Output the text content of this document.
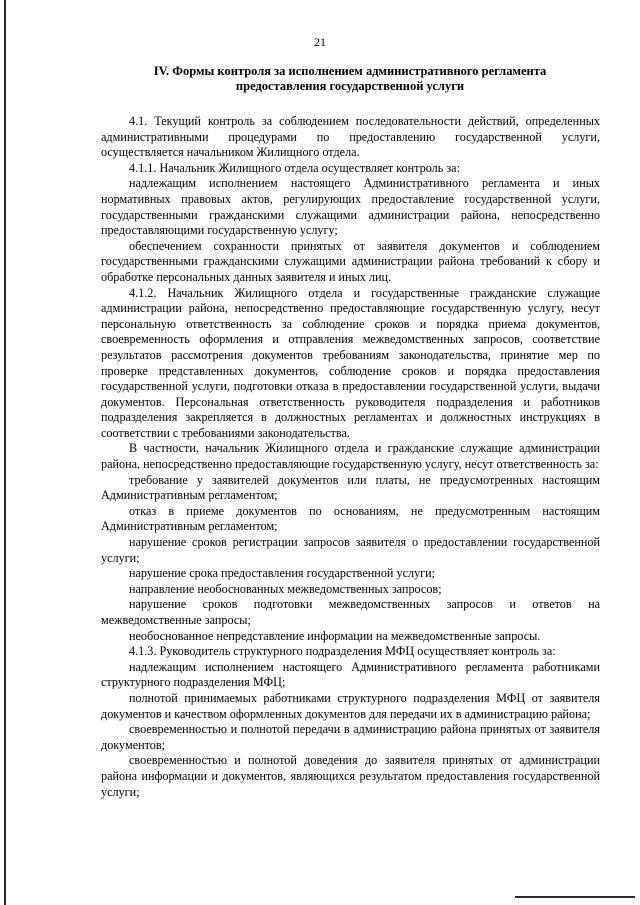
21
IV. Формы контроля за исполнением административного регламента
предоставления государственной услуги

4.1. Текущий контроль за соблюдением последовательности действий, определенных административными процедурами по предоставлению государственной услуги, осуществляется начальником Жилищного отдела.

4.1.1. Начальник Жилищного отдела осуществляет контроль за:

надлежащим исполнением настоящего Административного регламента и иных нормативных правовых актов, регулирующих предоставление государственной услуги, государственными гражданскими служащими администрации района, непосредственно предоставляющими государственную услугу;

обеспечением сохранности принятых от заявителя документов и соблюдением государственными гражданскими служащими администрации района требований к сбору и обработке персональных данных заявителя и иных лиц.

4.1.2. Начальник Жилищного отдела и государственные гражданские служащие администрации района, непосредственно предоставляющие государственную услугу, несут персональную ответственность за соблюдение сроков и порядка приема документов, своевременность оформления и отправления межведомственных запросов, соответствие результатов рассмотрения документов требованиям законодательства, принятие мер по проверке представленных документов, соблюдение сроков и порядка предоставления государственной услуги, подготовки отказа в предоставлении государственной услуги, выдачи документов. Персональная ответственность руководителя подразделения и работников подразделения закрепляется в должностных регламентах и должностных инструкциях в соответствии с требованиями законодательства.

В частности, начальник Жилищного отдела и гражданские служащие администрации района, непосредственно предоставляющие государственную услугу, несут ответственность за:

требование у заявителей документов или платы, не предусмотренных настоящим Административным регламентом;

отказ в приеме документов по основаниям, не предусмотренным настоящим Административным регламентом;

нарушение сроков регистрации запросов заявителя о предоставлении государственной услуги;

нарушение срока предоставления государственной услуги;

направление необоснованных межведомственных запросов;

нарушение сроков подготовки межведомственных запросов и ответов на межведомственные запросы;

необоснованное непредставление информации на межведомственные запросы.

4.1.3. Руководитель структурного подразделения МФЦ осуществляет контроль за:

надлежащим исполнением настоящего Административного регламента работниками структурного подразделения МФЦ;

полнотой принимаемых работниками структурного подразделения МФЦ от заявителя документов и качеством оформленных документов для передачи их в администрацию района;

своевременностью и полнотой передачи в администрацию района принятых от заявителя документов;

своевременностью и полнотой доведения до заявителя принятых от администрации района информации и документов, являющихся результатом предоставления государственной услуги;
